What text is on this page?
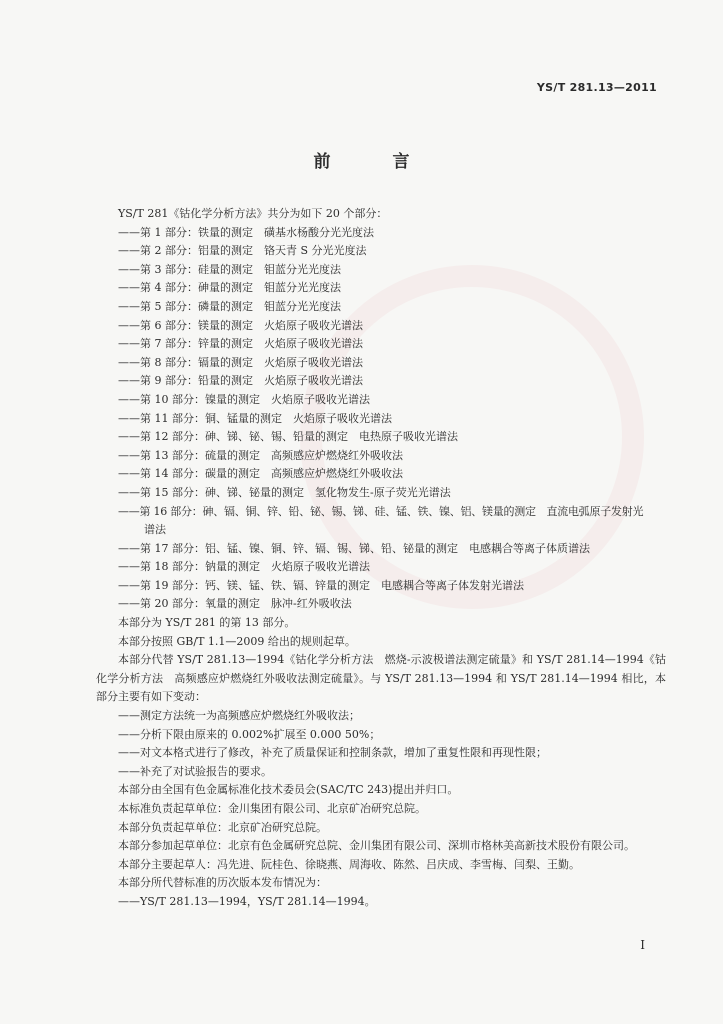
YS/T 281.13—2011
前 言

YS/T 281《钴化学分析方法》共分为如下 20 个部分：

——第 1 部分：铁量的测定　磺基水杨酸分光光度法

——第 2 部分：铝量的测定　铬天青 S 分光光度法

——第 3 部分：硅量的测定　钼蓝分光光度法

——第 4 部分：砷量的测定　钼蓝分光光度法

——第 5 部分：磷量的测定　钼蓝分光光度法

——第 6 部分：镁量的测定　火焰原子吸收光谱法

——第 7 部分：锌量的测定　火焰原子吸收光谱法

——第 8 部分：镉量的测定　火焰原子吸收光谱法

——第 9 部分：铅量的测定　火焰原子吸收光谱法

——第 10 部分：镍量的测定　火焰原子吸收光谱法

——第 11 部分：铜、锰量的测定　火焰原子吸收光谱法

——第 12 部分：砷、锑、铋、锡、铅量的测定　电热原子吸收光谱法

——第 13 部分：硫量的测定　高频感应炉燃烧红外吸收法

——第 14 部分：碳量的测定　高频感应炉燃烧红外吸收法

——第 15 部分：砷、锑、铋量的测定　氢化物发生-原子荧光光谱法

——第 16 部分：砷、镉、铜、锌、铅、铋、锡、锑、硅、锰、铁、镍、铝、镁量的测定　直流电弧原子发射光

谱法

——第 17 部分：铝、锰、镍、铜、锌、镉、锡、锑、铅、铋量的测定　电感耦合等离子体质谱法

——第 18 部分：钠量的测定　火焰原子吸收光谱法

——第 19 部分：钙、镁、锰、铁、镉、锌量的测定　电感耦合等离子体发射光谱法

——第 20 部分：氧量的测定　脉冲-红外吸收法

本部分为 YS/T 281 的第 13 部分。

本部分按照 GB/T 1.1—2009 给出的规则起草。

本部分代替 YS/T 281.13—1994《钴化学分析方法　燃烧-示波极谱法测定硫量》和 YS/T 281.14—1994《钴化学分析方法　高频感应炉燃烧红外吸收法测定硫量》。与 YS/T 281.13—1994 和 YS/T 281.14—1994 相比，本部分主要有如下变动：

——测定方法统一为高频感应炉燃烧红外吸收法；

——分析下限由原来的 0.002%扩展至 0.000 50%；

——对文本格式进行了修改，补充了质量保证和控制条款，增加了重复性限和再现性限；

——补充了对试验报告的要求。

本部分由全国有色金属标准化技术委员会(SAC/TC 243)提出并归口。

本标准负责起草单位：金川集团有限公司、北京矿冶研究总院。

本部分负责起草单位：北京矿冶研究总院。

本部分参加起草单位：北京有色金属研究总院、金川集团有限公司、深圳市格林美高新技术股份有限公司。

本部分主要起草人：冯先进、阮桂色、徐晓燕、周海收、陈然、吕庆成、李雪梅、闫梨、王勤。

本部分所代替标准的历次版本发布情况为：

——YS/T 281.13—1994，YS/T 281.14—1994。

I
